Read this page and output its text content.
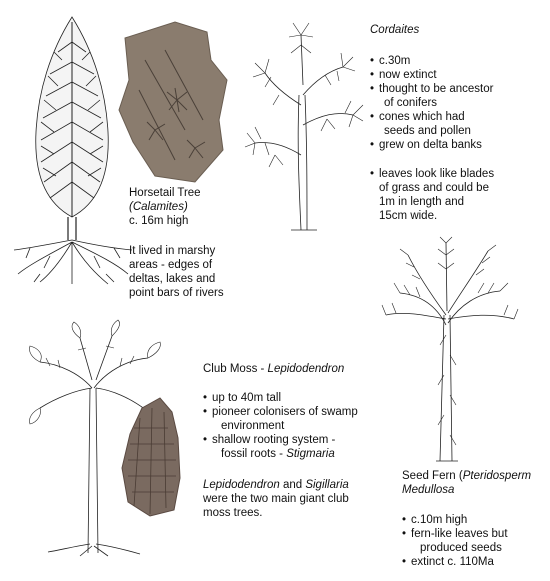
Horsetail Tree
(Calamites)
c. 16m high
It lived in marshy
areas - edges of
deltas, lakes and
point bars of rivers
Cordaites
• c.30m
• now extinct
• thought to be ancestor
of conifers
• cones which had
seeds and pollen
• grew on delta banks
• leaves look like blades
of grass and could be
1m in length and
15cm wide.
Club Moss - Lepidodendron
• up to 40m tall
• pioneer colonisers of swamp
environment
• shallow rooting system -
fossil roots - Stigmaria
Lepidodendron and Sigillaria
were the two main giant club
moss trees.
Seed Fern (Pteridosperm
Medullosa
• c.10m high
• fern-like leaves but
produced seeds
• extinct c. 110Ma
